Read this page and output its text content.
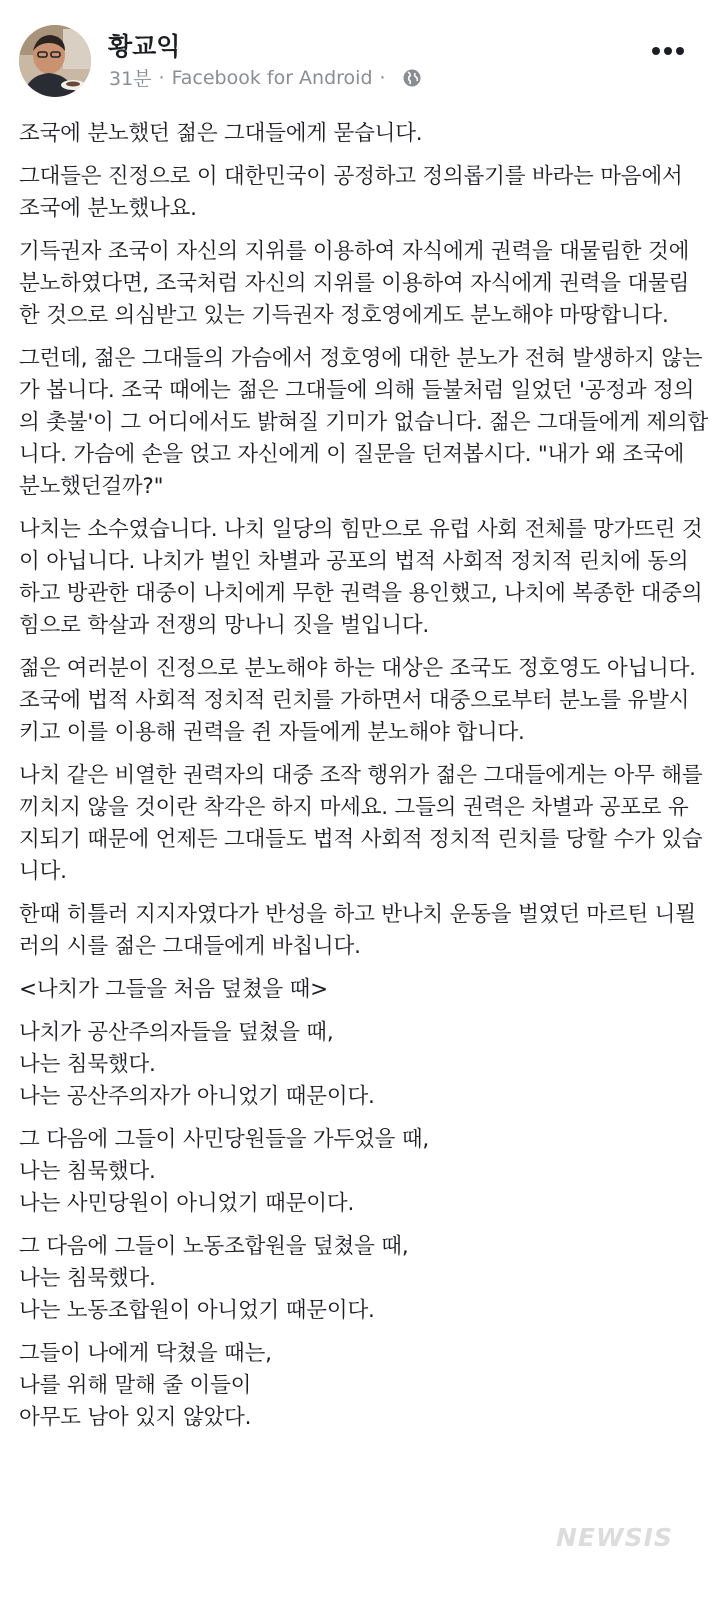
황교익
31분 · Facebook for Android ·

조국에 분노했던 젊은 그대들에게 묻습니다.

그대들은 진정으로 이 대한민국이 공정하고 정의롭기를 바라는 마음에서 조국에 분노했나요.

기득권자 조국이 자신의 지위를 이용하여 자식에게 권력을 대물림한 것에 분노하였다면, 조국처럼 자신의 지위를 이용하여 자식에게 권력을 대물림한 것으로 의심받고 있는 기득권자 정호영에게도 분노해야 마땅합니다.

그런데, 젊은 그대들의 가슴에서 정호영에 대한 분노가 전혀 발생하지 않는가 봅니다. 조국 때에는 젊은 그대들에 의해 들불처럼 일었던 '공정과 정의의 촛불'이 그 어디에서도 밝혀질 기미가 없습니다. 젊은 그대들에게 제의합니다. 가슴에 손을 얹고 자신에게 이 질문을 던져봅시다. "내가 왜 조국에 분노했던걸까?"

나치는 소수였습니다. 나치 일당의 힘만으로 유럽 사회 전체를 망가뜨린 것이 아닙니다. 나치가 벌인 차별과 공포의 법적 사회적 정치적 린치에 동의하고 방관한 대중이 나치에게 무한 권력을 용인했고, 나치에 복종한 대중의 힘으로 학살과 전쟁의 망나니 짓을 벌입니다.

젊은 여러분이 진정으로 분노해야 하는 대상은 조국도 정호영도 아닙니다. 조국에 법적 사회적 정치적 린치를 가하면서 대중으로부터 분노를 유발시키고 이를 이용해 권력을 쥔 자들에게 분노해야 합니다.

나치 같은 비열한 권력자의 대중 조작 행위가 젊은 그대들에게는 아무 해를 끼치지 않을 것이란 착각은 하지 마세요. 그들의 권력은 차별과 공포로 유지되기 때문에 언제든 그대들도 법적 사회적 정치적 린치를 당할 수가 있습니다.

한때 히틀러 지지자였다가 반성을 하고 반나치 운동을 벌였던 마르틴 니묄러의 시를 젊은 그대들에게 바칩니다.

<나치가 그들을 처음 덮쳤을 때>

나치가 공산주의자들을 덮쳤을 때,
나는 침묵했다.
나는 공산주의자가 아니었기 때문이다.

그 다음에 그들이 사민당원들을 가두었을 때,
나는 침묵했다.
나는 사민당원이 아니었기 때문이다.

그 다음에 그들이 노동조합원을 덮쳤을 때,
나는 침묵했다.
나는 노동조합원이 아니었기 때문이다.

그들이 나에게 닥쳤을 때는,
나를 위해 말해 줄 이들이
아무도 남아 있지 않았다.

NEWSIS
